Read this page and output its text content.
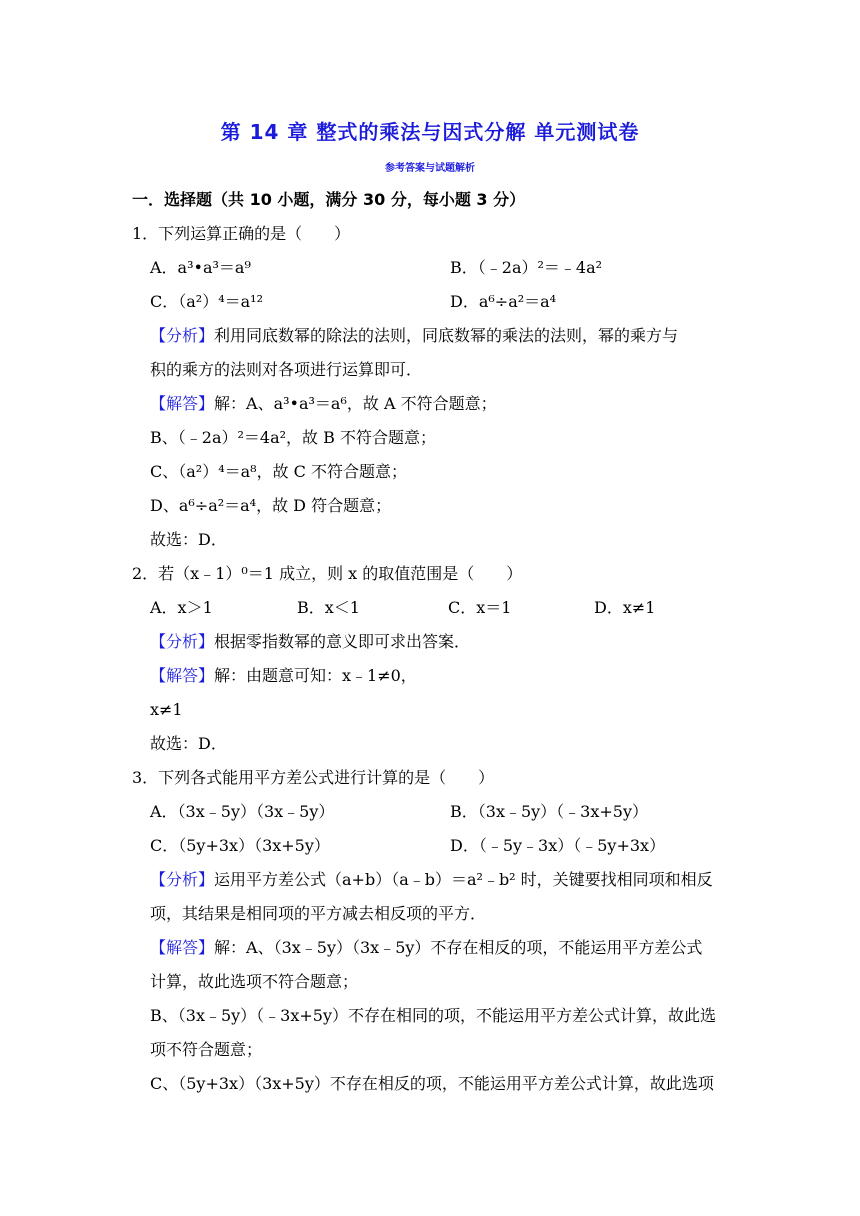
第 14 章 整式的乘法与因式分解 单元测试卷
参考答案与试题解析
一．选择题（共 10 小题，满分 30 分，每小题 3 分）
1．下列运算正确的是（　　）
A．a³•a³＝a⁹	B．（﹣2a）²＝﹣4a²
C．（a²）⁴＝a¹²	D．a⁶÷a²＝a⁴
【分析】利用同底数幂的除法的法则，同底数幂的乘法的法则，幂的乘方与
积的乘方的法则对各项进行运算即可．
【解答】解：A、a³•a³＝a⁶，故 A 不符合题意；
B、（﹣2a）²＝4a²，故 B 不符合题意；
C、（a²）⁴＝a⁸，故 C 不符合题意；
D、a⁶÷a²＝a⁴，故 D 符合题意；
故选：D．
2．若（x﹣1）⁰＝1 成立，则 x 的取值范围是（　　）
A．x＞1	B．x＜1	C．x＝1	D．x≠1
【分析】根据零指数幂的意义即可求出答案．
【解答】解：由题意可知：x﹣1≠0，
x≠1
故选：D．
3．下列各式能用平方差公式进行计算的是（　　）
A．（3x﹣5y）（3x﹣5y）	B．（3x﹣5y）（﹣3x+5y）
C．（5y+3x）（3x+5y）	D．（﹣5y﹣3x）（﹣5y+3x）
【分析】运用平方差公式（a+b）（a﹣b）＝a²﹣b² 时，关键要找相同项和相反
项，其结果是相同项的平方减去相反项的平方．
【解答】解：A、（3x﹣5y）（3x﹣5y）不存在相反的项，不能运用平方差公式
计算，故此选项不符合题意；
B、（3x﹣5y）（﹣3x+5y）不存在相同的项，不能运用平方差公式计算，故此选
项不符合题意；
C、（5y+3x）（3x+5y）不存在相反的项，不能运用平方差公式计算，故此选项
